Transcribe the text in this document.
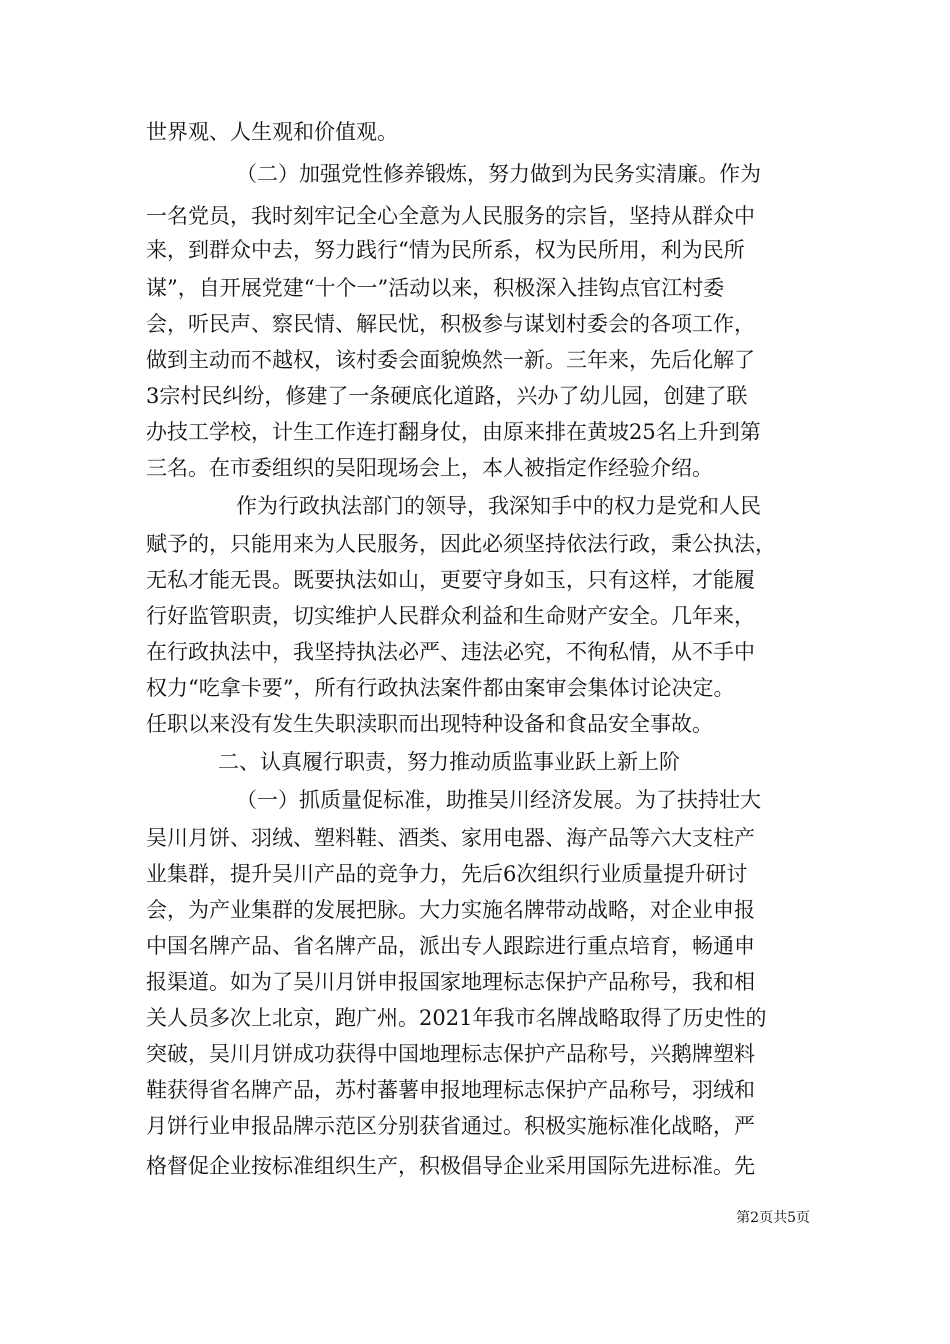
世界观、人生观和价值观。
（二）加强党性修养锻炼，努力做到为民务实清廉。作为
一名党员，我时刻牢记全心全意为人民服务的宗旨，坚持从群众中
来，到群众中去，努力践行“情为民所系，权为民所用，利为民所
谋”，自开展党建“十个一”活动以来，积极深入挂钩点官江村委
会，听民声、察民情、解民忧，积极参与谋划村委会的各项工作，
做到主动而不越权，该村委会面貌焕然一新。三年来，先后化解了
3宗村民纠纷，修建了一条硬底化道路，兴办了幼儿园，创建了联
办技工学校，计生工作连打翻身仗，由原来排在黄坡25名上升到第
三名。在市委组织的吴阳现场会上，本人被指定作经验介绍。
作为行政执法部门的领导，我深知手中的权力是党和人民
赋予的，只能用来为人民服务，因此必须坚持依法行政，秉公执法，
无私才能无畏。既要执法如山，更要守身如玉，只有这样，才能履
行好监管职责，切实维护人民群众利益和生命财产安全。几年来，
在行政执法中，我坚持执法必严、违法必究，不徇私情，从不手中
权力“吃拿卡要”，所有行政执法案件都由案审会集体讨论决定。
任职以来没有发生失职渎职而出现特种设备和食品安全事故。
二、认真履行职责，努力推动质监事业跃上新上阶
（一）抓质量促标准，助推吴川经济发展。为了扶持壮大
吴川月饼、羽绒、塑料鞋、酒类、家用电器、海产品等六大支柱产
业集群，提升吴川产品的竞争力，先后6次组织行业质量提升研讨
会，为产业集群的发展把脉。大力实施名牌带动战略，对企业申报
中国名牌产品、省名牌产品，派出专人跟踪进行重点培育，畅通申
报渠道。如为了吴川月饼申报国家地理标志保护产品称号，我和相
关人员多次上北京，跑广州。2021年我市名牌战略取得了历史性的
突破，吴川月饼成功获得中国地理标志保护产品称号，兴鹅牌塑料
鞋获得省名牌产品，苏村蕃薯申报地理标志保护产品称号，羽绒和
月饼行业申报品牌示范区分别获省通过。积极实施标准化战略，严
格督促企业按标准组织生产，积极倡导企业采用国际先进标准。先
第2页共5页
